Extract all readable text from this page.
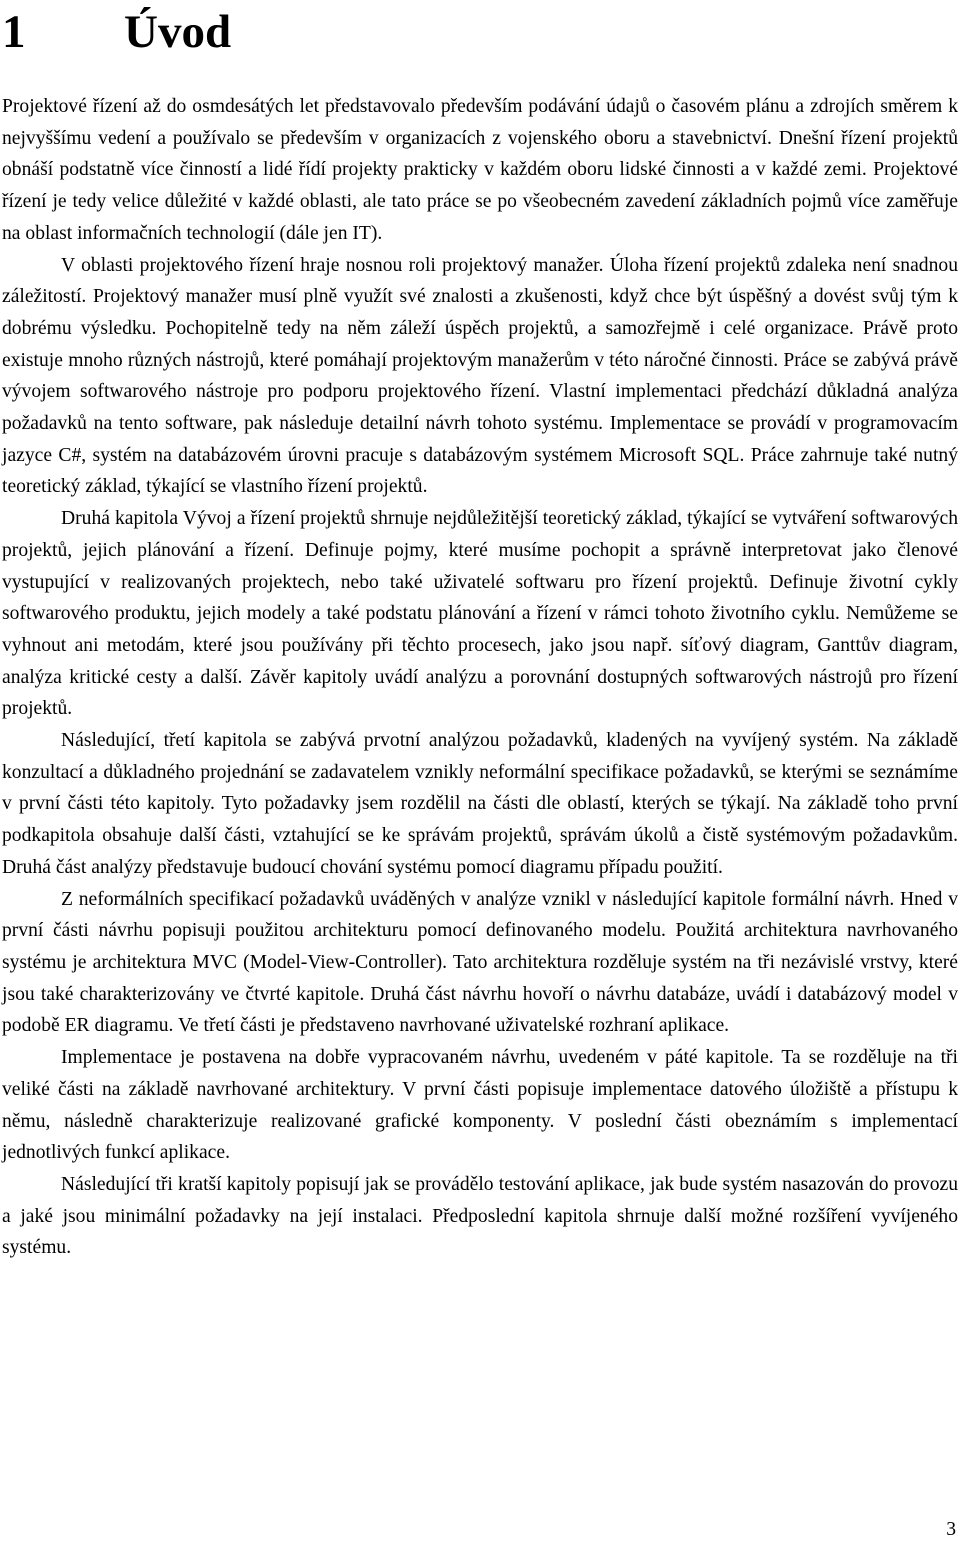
1 Úvod

Projektové řízení až do osmdesátých let představovalo především podávání údajů o časovém plánu a zdrojích směrem k nejvyššímu vedení a používalo se především v organizacích z vojenského oboru a stavebnictví. Dnešní řízení projektů obnáší podstatně více činností a lidé řídí projekty prakticky v každém oboru lidské činnosti a v každé zemi. Projektové řízení je tedy velice důležité v každé oblasti, ale tato práce se po všeobecném zavedení základních pojmů více zaměřuje na oblast informačních technologií (dále jen IT).

V oblasti projektového řízení hraje nosnou roli projektový manažer. Úloha řízení projektů zdaleka není snadnou záležitostí. Projektový manažer musí plně využít své znalosti a zkušenosti, když chce být úspěšný a dovést svůj tým k dobrému výsledku. Pochopitelně tedy na něm záleží úspěch projektů, a samozřejmě i celé organizace. Právě proto existuje mnoho různých nástrojů, které pomáhají projektovým manažerům v této náročné činnosti. Práce se zabývá právě vývojem softwarového nástroje pro podporu projektového řízení. Vlastní implementaci předchází důkladná analýza požadavků na tento software, pak následuje detailní návrh tohoto systému. Implementace se provádí v programovacím jazyce C#, systém na databázovém úrovni pracuje s databázovým systémem Microsoft SQL. Práce zahrnuje také nutný teoretický základ, týkající se vlastního řízení projektů.

Druhá kapitola Vývoj a řízení projektů shrnuje nejdůležitější teoretický základ, týkající se vytváření softwarových projektů, jejich plánování a řízení. Definuje pojmy, které musíme pochopit a správně interpretovat jako členové vystupující v realizovaných projektech, nebo také uživatelé softwaru pro řízení projektů. Definuje životní cykly softwarového produktu, jejich modely a také podstatu plánování a řízení v rámci tohoto životního cyklu. Nemůžeme se vyhnout ani metodám, které jsou používány při těchto procesech, jako jsou např. síťový diagram, Ganttův diagram, analýza kritické cesty a další. Závěr kapitoly uvádí analýzu a porovnání dostupných softwarových nástrojů pro řízení projektů.

Následující, třetí kapitola se zabývá prvotní analýzou požadavků, kladených na vyvíjený systém. Na základě konzultací a důkladného projednání se zadavatelem vznikly neformální specifikace požadavků, se kterými se seznámíme v první části této kapitoly. Tyto požadavky jsem rozdělil na části dle oblastí, kterých se týkají. Na základě toho první podkapitola obsahuje další části, vztahující se ke správám projektů, správám úkolů a čistě systémovým požadavkům. Druhá část analýzy představuje budoucí chování systému pomocí diagramu případu použití.

Z neformálních specifikací požadavků uváděných v analýze vznikl v následující kapitole formální návrh. Hned v první části návrhu popisuji použitou architekturu pomocí definovaného modelu. Použitá architektura navrhovaného systému je architektura MVC (Model-View-Controller). Tato architektura rozděluje systém na tři nezávislé vrstvy, které jsou také charakterizovány ve čtvrté kapitole. Druhá část návrhu hovoří o návrhu databáze, uvádí i databázový model v podobě ER diagramu. Ve třetí části je představeno navrhované uživatelské rozhraní aplikace.

Implementace je postavena na dobře vypracovaném návrhu, uvedeném v páté kapitole. Ta se rozděluje na tři veliké části na základě navrhované architektury. V první části popisuje implementace datového úložiště a přístupu k němu, následně charakterizuje realizované grafické komponenty. V poslední části obeznámím s implementací jednotlivých funkcí aplikace.

Následující tři kratší kapitoly popisují jak se provádělo testování aplikace, jak bude systém nasazován do provozu a jaké jsou minimální požadavky na její instalaci. Předposlední kapitola shrnuje další možné rozšíření vyvíjeného systému.

3
